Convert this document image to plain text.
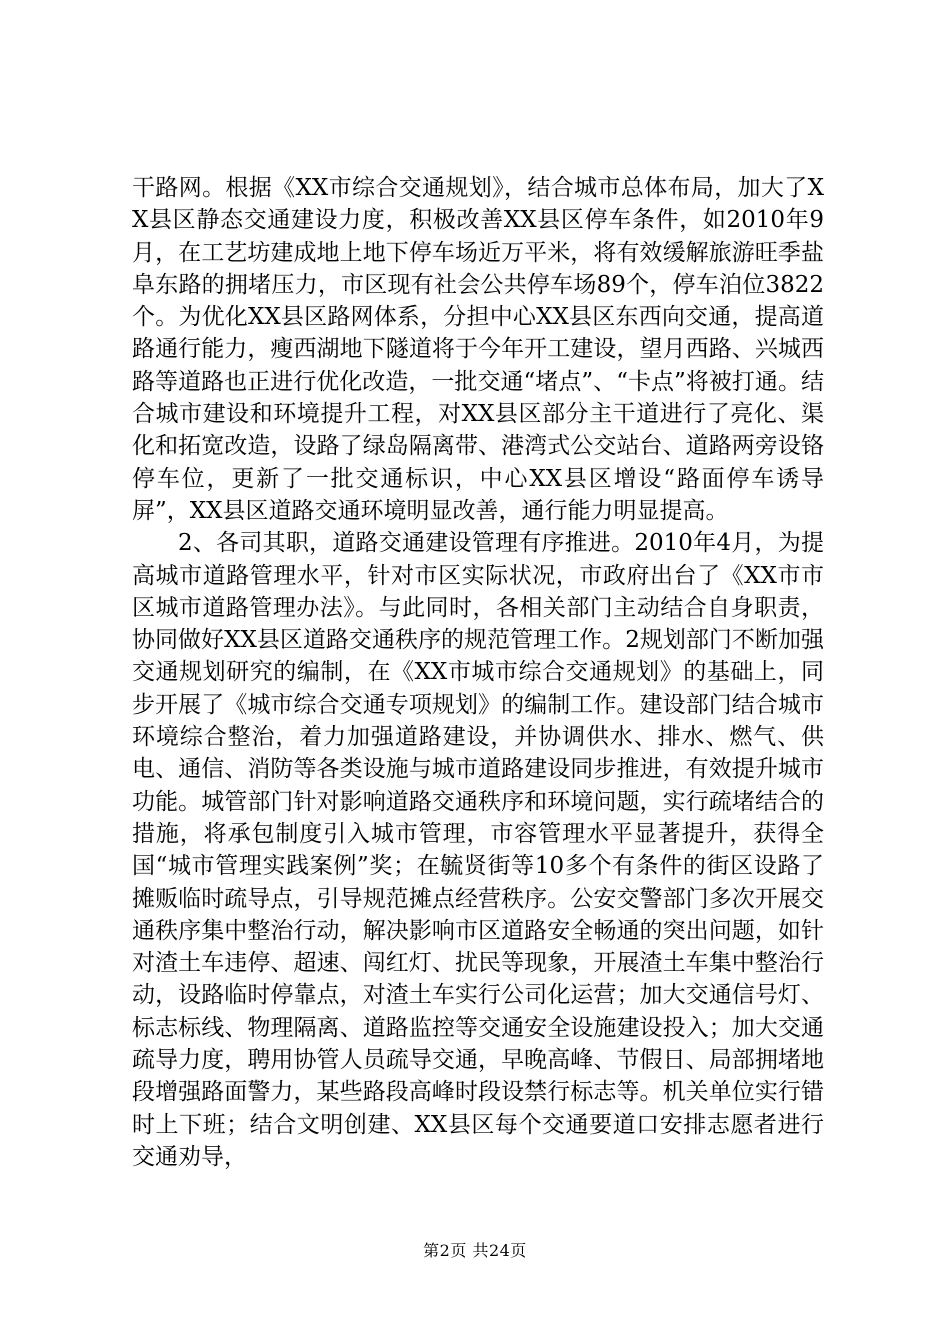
干路网。根据《XX市综合交通规划》，结合城市总体布局，加大了XX县区静态交通建设力度，积极改善XX县区停车条件，如2010年9月，在工艺坊建成地上地下停车场近万平米，将有效缓解旅游旺季盐阜东路的拥堵压力，市区现有社会公共停车场89个，停车泊位3822个。为优化XX县区路网体系，分担中心XX县区东西向交通，提高道路通行能力，瘦西湖地下隧道将于今年开工建设，望月西路、兴城西路等道路也正进行优化改造，一批交通“堵点”、“卡点”将被打通。结合城市建设和环境提升工程，对XX县区部分主干道进行了亮化、渠化和拓宽改造，设路了绿岛隔离带、港湾式公交站台、道路两旁设铬停车位，更新了一批交通标识，中心XX县区增设“路面停车诱导屏”，XX县区道路交通环境明显改善，通行能力明显提高。

2、各司其职，道路交通建设管理有序推进。2010年4月，为提高城市道路管理水平，针对市区实际状况，市政府出台了《XX市市区城市道路管理办法》。与此同时，各相关部门主动结合自身职责，协同做好XX县区道路交通秩序的规范管理工作。2规划部门不断加强交通规划研究的编制，在《XX市城市综合交通规划》的基础上，同步开展了《城市综合交通专项规划》的编制工作。建设部门结合城市环境综合整治，着力加强道路建设，并协调供水、排水、燃气、供电、通信、消防等各类设施与城市道路建设同步推进，有效提升城市功能。城管部门针对影响道路交通秩序和环境问题，实行疏堵结合的措施，将承包制度引入城市管理，市容管理水平显著提升，获得全国“城市管理实践案例”奖；在毓贤街等10多个有条件的街区设路了摊贩临时疏导点，引导规范摊点经营秩序。公安交警部门多次开展交通秩序集中整治行动，解决影响市区道路安全畅通的突出问题，如针对渣土车违停、超速、闯红灯、扰民等现象，开展渣土车集中整治行动，设路临时停靠点，对渣土车实行公司化运营；加大交通信号灯、标志标线、物理隔离、道路监控等交通安全设施建设投入；加大交通疏导力度，聘用协管人员疏导交通，早晚高峰、节假日、局部拥堵地段增强路面警力，某些路段高峰时段设禁行标志等。机关单位实行错时上下班；结合文明创建、XX县区每个交通要道口安排志愿者进行交通劝导，

第2页 共24页
